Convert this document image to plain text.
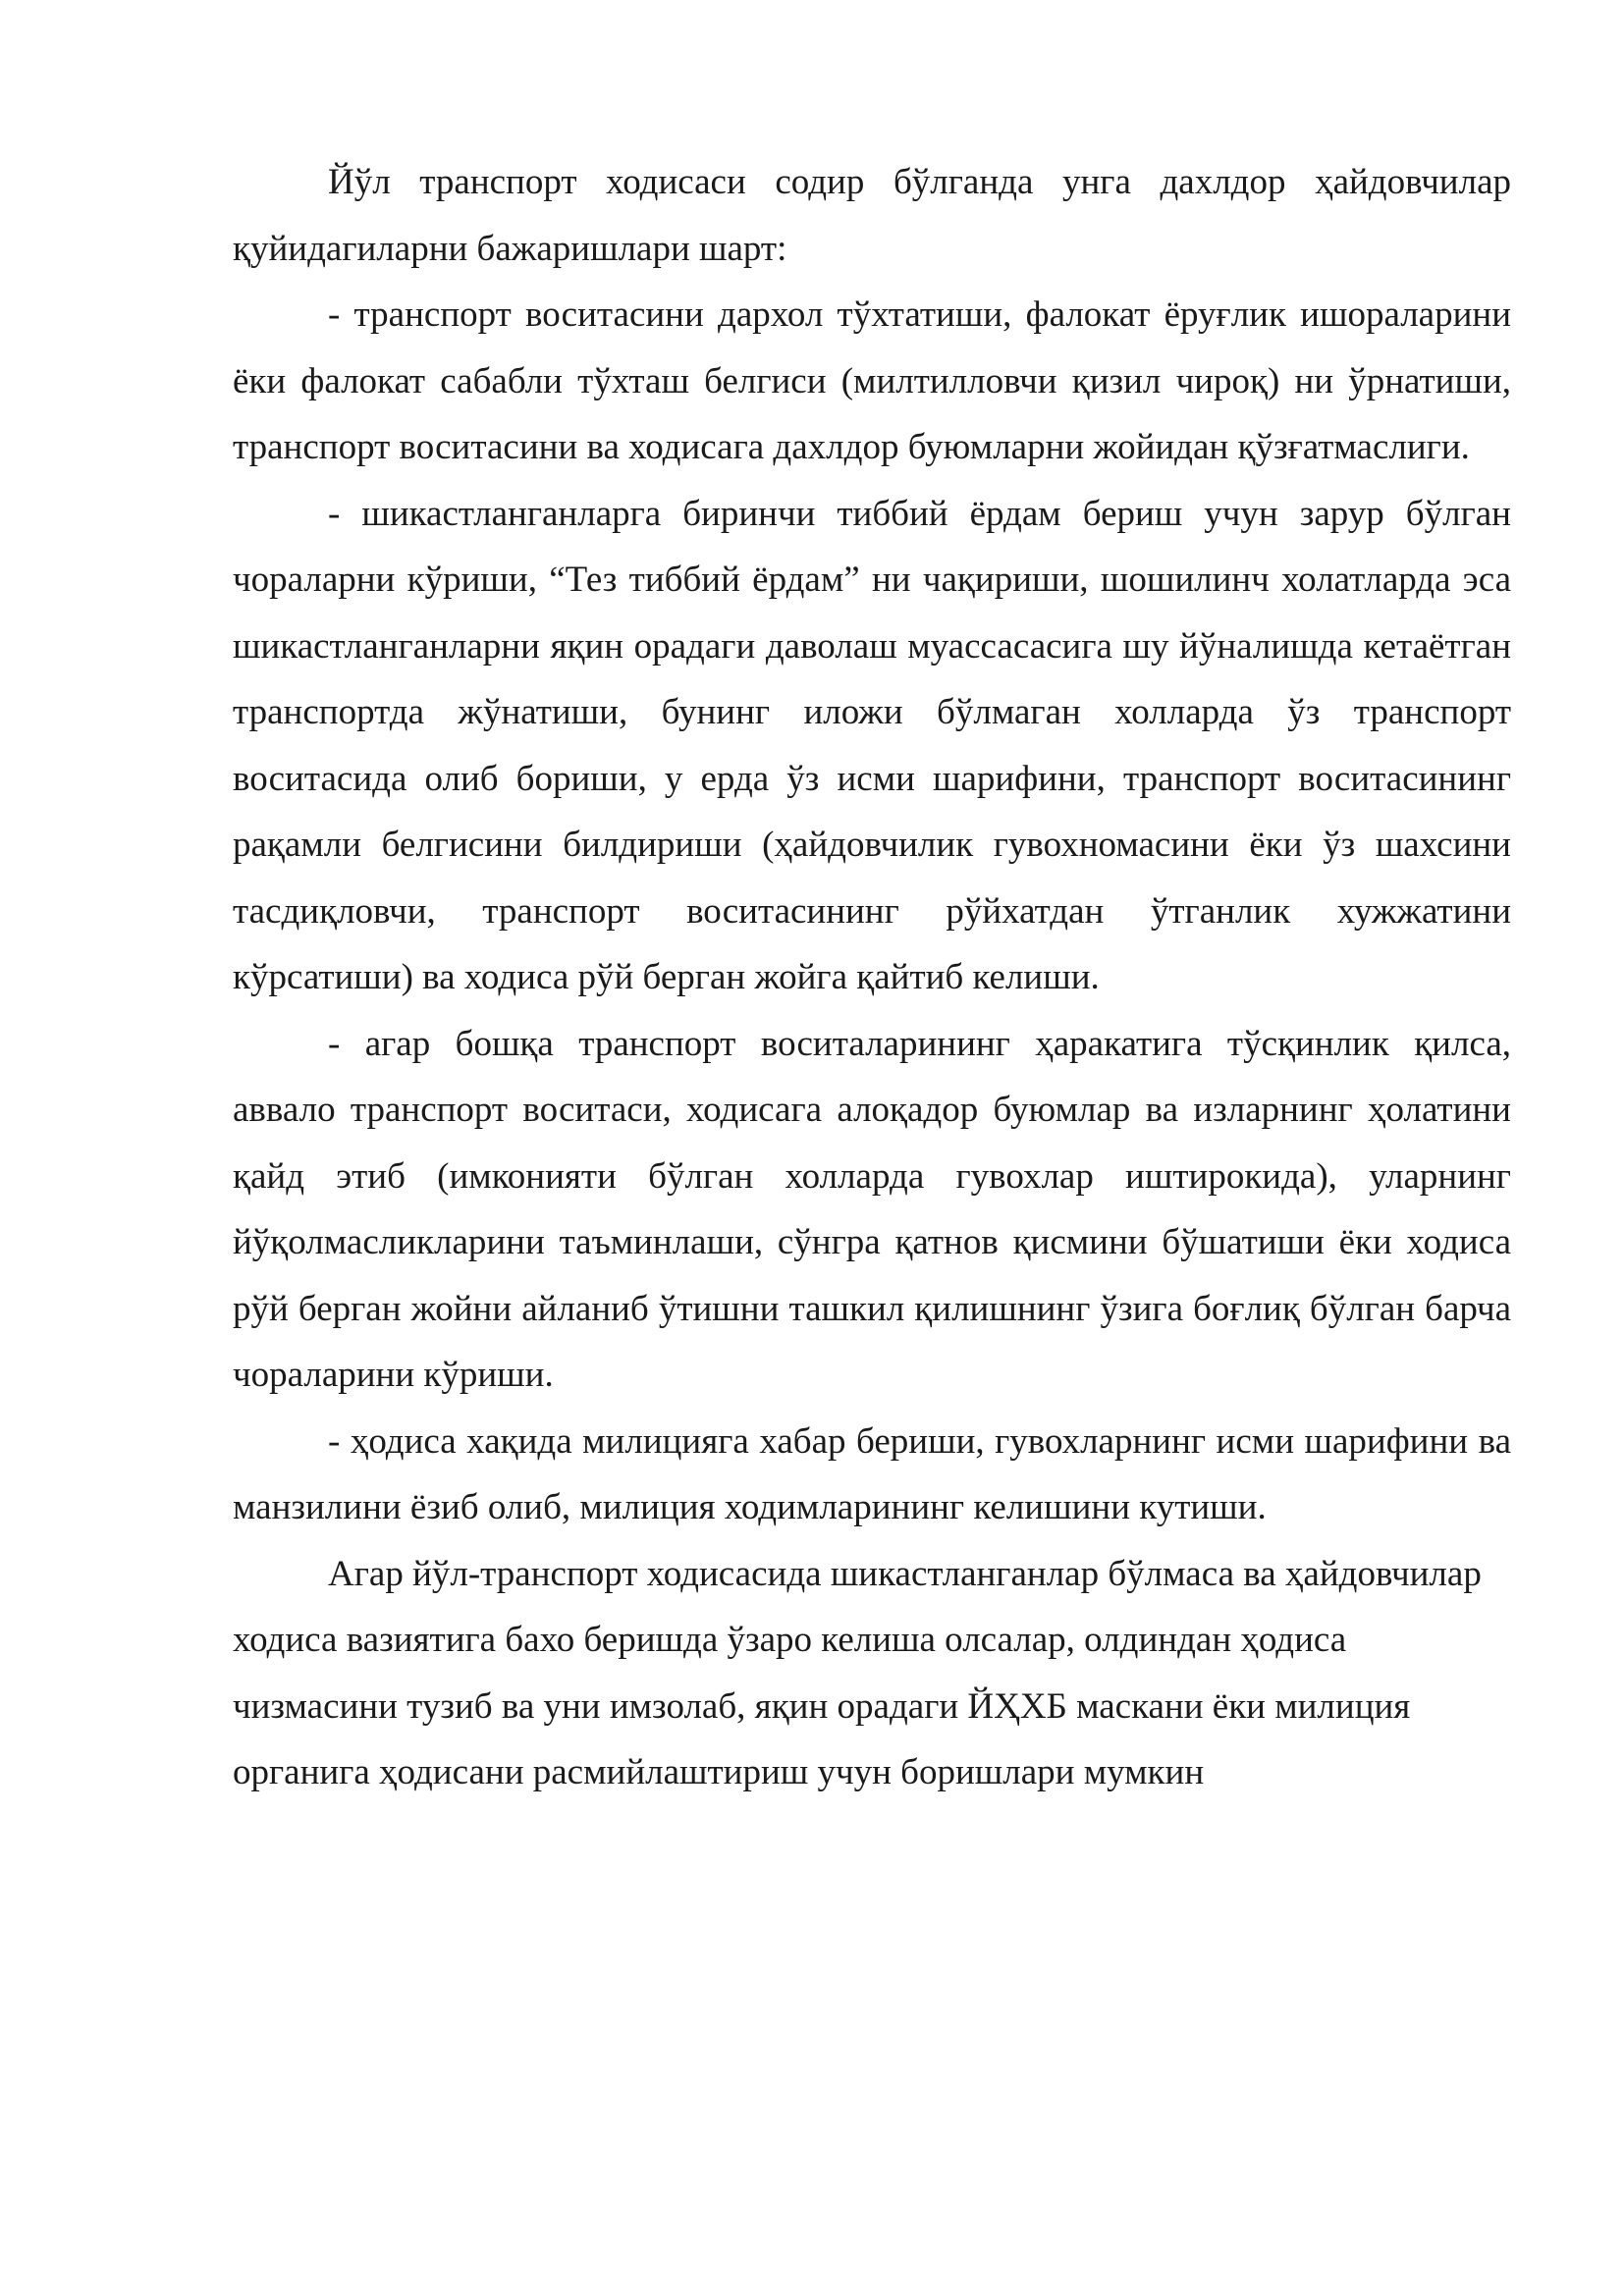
Йўл транспорт ходисаси содир бўлганда унга дахлдор ҳайдовчилар қуйидагиларни бажаришлари шарт:

- транспорт воситасини дархол тўхтатиши, фалокат ёруғлик ишораларини ёки фалокат сабабли тўхташ белгиси (милтилловчи қизил чироқ) ни ўрнатиши, транспорт воситасини ва ходисага дахлдор буюмларни жойидан қўзғатмаслиги.

- шикастланганларга биринчи тиббий ёрдам бериш учун зарур бўлган чораларни кўриши, “Тез тиббий ёрдам” ни чақириши, шошилинч холатларда эса шикастланганларни яқин орадаги даволаш муассасасига шу йўналишда кетаётган транспортда жўнатиши, бунинг иложи бўлмаган холларда ўз транспорт воситасида олиб бориши, у ерда ўз исми шарифини, транспорт воситасининг рақамли белгисини билдириши (ҳайдовчилик гувохномасини ёки ўз шахсини тасдиқловчи, транспорт воситасининг рўйхатдан ўтганлик хужжатини кўрсатиши) ва ходиса рўй берган жойга қайтиб келиши.

- агар бошқа транспорт воситаларининг ҳаракатига тўсқинлик қилса, аввало транспорт воситаси, ходисага алоқадор буюмлар ва изларнинг ҳолатини қайд этиб (имконияти бўлган холларда гувохлар иштирокида), уларнинг йўқолмасликларини таъминлаши, сўнгра қатнов қисмини бўшатиши ёки ходиса рўй берган жойни айланиб ўтишни ташкил қилишнинг ўзига боғлиқ бўлган барча чораларини кўриши.

- ҳодиса хақида милицияга хабар бериши, гувохларнинг исми шарифини ва манзилини ёзиб олиб, милиция ходимларининг келишини кутиши.

Агар йўл-транспорт ходисасида шикастланганлар бўлмаса ва ҳайдовчилар ходиса вазиятига бахо беришда ўзаро келиша олсалар, олдиндан ҳодиса чизмасини тузиб ва уни имзолаб, яқин орадаги ЙҲХБ маскани ёки милиция органига ҳодисани расмийлаштириш учун боришлари мумкин
